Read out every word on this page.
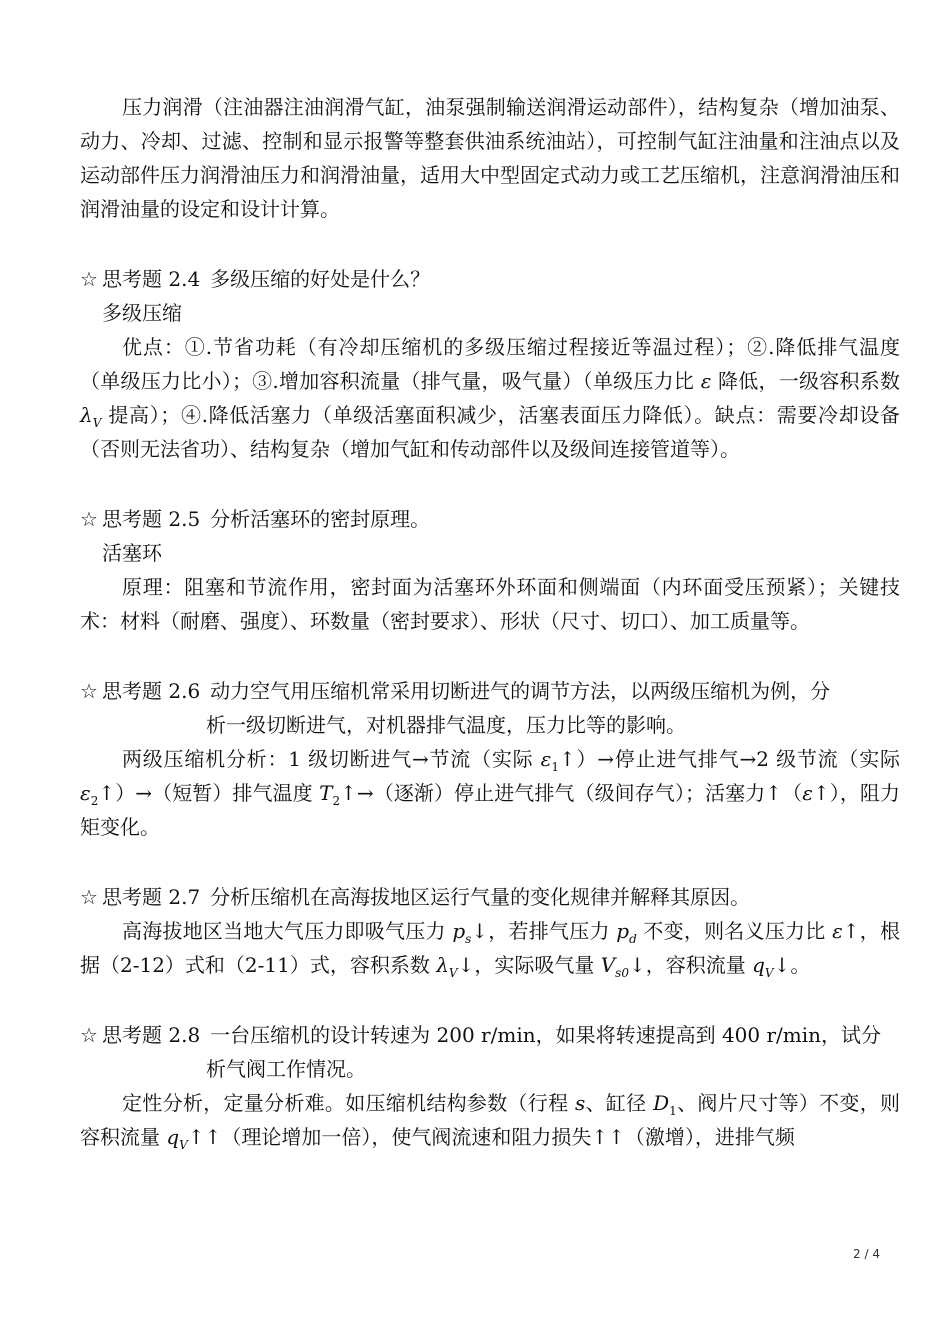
压力润滑（注油器注油润滑气缸，油泵强制输送润滑运动部件），结构复杂（增加油泵、动力、冷却、过滤、控制和显示报警等整套供油系统油站），可控制气缸注油量和注油点以及运动部件压力润滑油压力和润滑油量，适用大中型固定式动力或工艺压缩机，注意润滑油压和润滑油量的设定和设计计算。

☆ 思考题 2.4 多级压缩的好处是什么？

多级压缩

优点：①.节省功耗（有冷却压缩机的多级压缩过程接近等温过程）；②.降低排气温度（单级压力比小）；③.增加容积流量（排气量，吸气量）（单级压力比 ε 降低，一级容积系数 $\lambda_V$ 提高）；④.降低活塞力（单级活塞面积减少，活塞表面压力降低）。缺点：需要冷却设备（否则无法省功）、结构复杂（增加气缸和传动部件以及级间连接管道等）。

☆ 思考题 2.5 分析活塞环的密封原理。

活塞环

原理：阻塞和节流作用，密封面为活塞环外环面和侧端面（内环面受压预紧）；关键技术：材料（耐磨、强度）、环数量（密封要求）、形状（尺寸、切口）、加工质量等。

☆ 思考题 2.6 动力空气用压缩机常采用切断进气的调节方法，以两级压缩机为例，分

析一级切断进气，对机器排气温度，压力比等的影响。

两级压缩机分析：1 级切断进气→节流（实际 $\varepsilon_1↑)\to$停止进气排气→2 级节流（实际 $\varepsilon_2↑)\to$（短暂）排气温度 $T_2↑\to$（逐渐）停止进气排气（级间存气）；活塞力↑（ε↑），阻力矩变化。

☆ 思考题 2.7 分析压缩机在高海拔地区运行气量的变化规律并解释其原因。

高海拔地区当地大气压力即吸气压力 $p_s↓$，若排气压力 $p_d$ 不变，则名义压力比 ε↑，根据（2-12）式和（2-11）式，容积系数 $\lambda_V↓$，实际吸气量 $V_{s0}↓$，容积流量 $q_V↓$。

☆ 思考题 2.8 一台压缩机的设计转速为 200 r/min，如果将转速提高到 400 r/min，试分

析气阀工作情况。

定性分析，定量分析难。如压缩机结构参数（行程 s、缸径 $D_1$、阀片尺寸等）不变，则容积流量 $q_V↑↑$（理论增加一倍），使气阀流速和阻力损失↑↑（激增），进排气频

2 / 4
